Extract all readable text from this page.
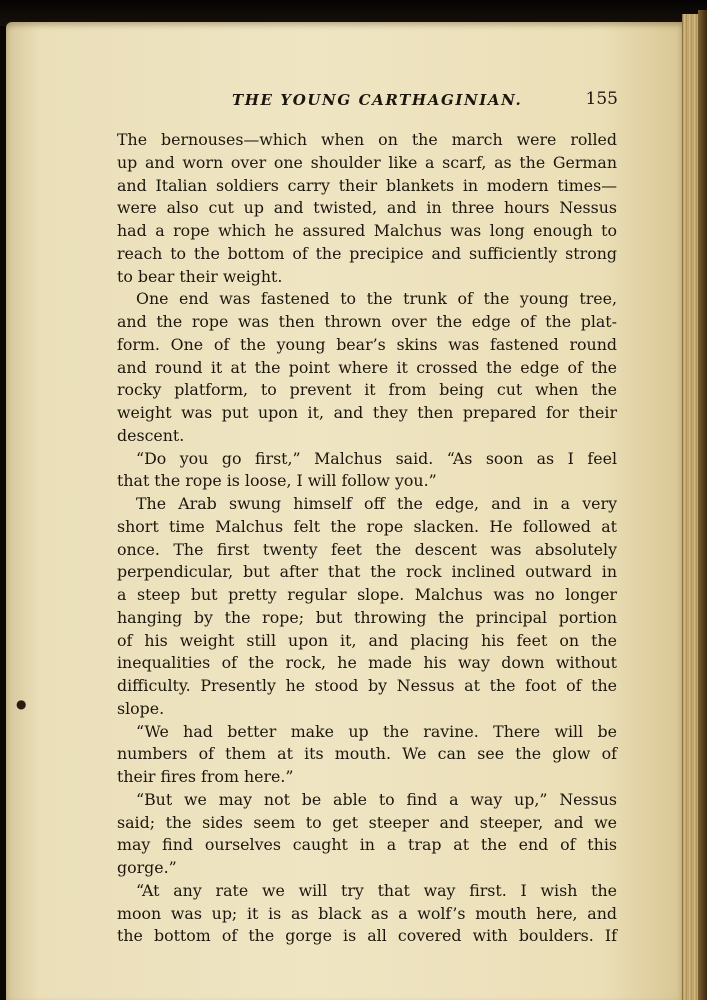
THE YOUNG CARTHAGINIAN.	155
The bernouses—which when on the march were rolled
up and worn over one shoulder like a scarf, as the German
and Italian soldiers carry their blankets in modern times—
were also cut up and twisted, and in three hours Nessus
had a rope which he assured Malchus was long enough to
reach to the bottom of the precipice and sufficiently strong
to bear their weight.
One end was fastened to the trunk of the young tree,
and the rope was then thrown over the edge of the plat-
form. One of the young bear’s skins was fastened round
and round it at the point where it crossed the edge of the
rocky platform, to prevent it from being cut when the
weight was put upon it, and they then prepared for their
descent.
“Do you go first,” Malchus said. “As soon as I feel
that the rope is loose, I will follow you.”
The Arab swung himself off the edge, and in a very
short time Malchus felt the rope slacken. He followed at
once. The first twenty feet the descent was absolutely
perpendicular, but after that the rock inclined outward in
a steep but pretty regular slope. Malchus was no longer
hanging by the rope; but throwing the principal portion
of his weight still upon it, and placing his feet on the
inequalities of the rock, he made his way down without
difficulty. Presently he stood by Nessus at the foot of the
slope.
“We had better make up the ravine. There will be
numbers of them at its mouth. We can see the glow of
their fires from here.”
“But we may not be able to find a way up,” Nessus
said; the sides seem to get steeper and steeper, and we
may find ourselves caught in a trap at the end of this
gorge.”
“At any rate we will try that way first. I wish the
moon was up; it is as black as a wolf’s mouth here, and
the bottom of the gorge is all covered with boulders. If
●
